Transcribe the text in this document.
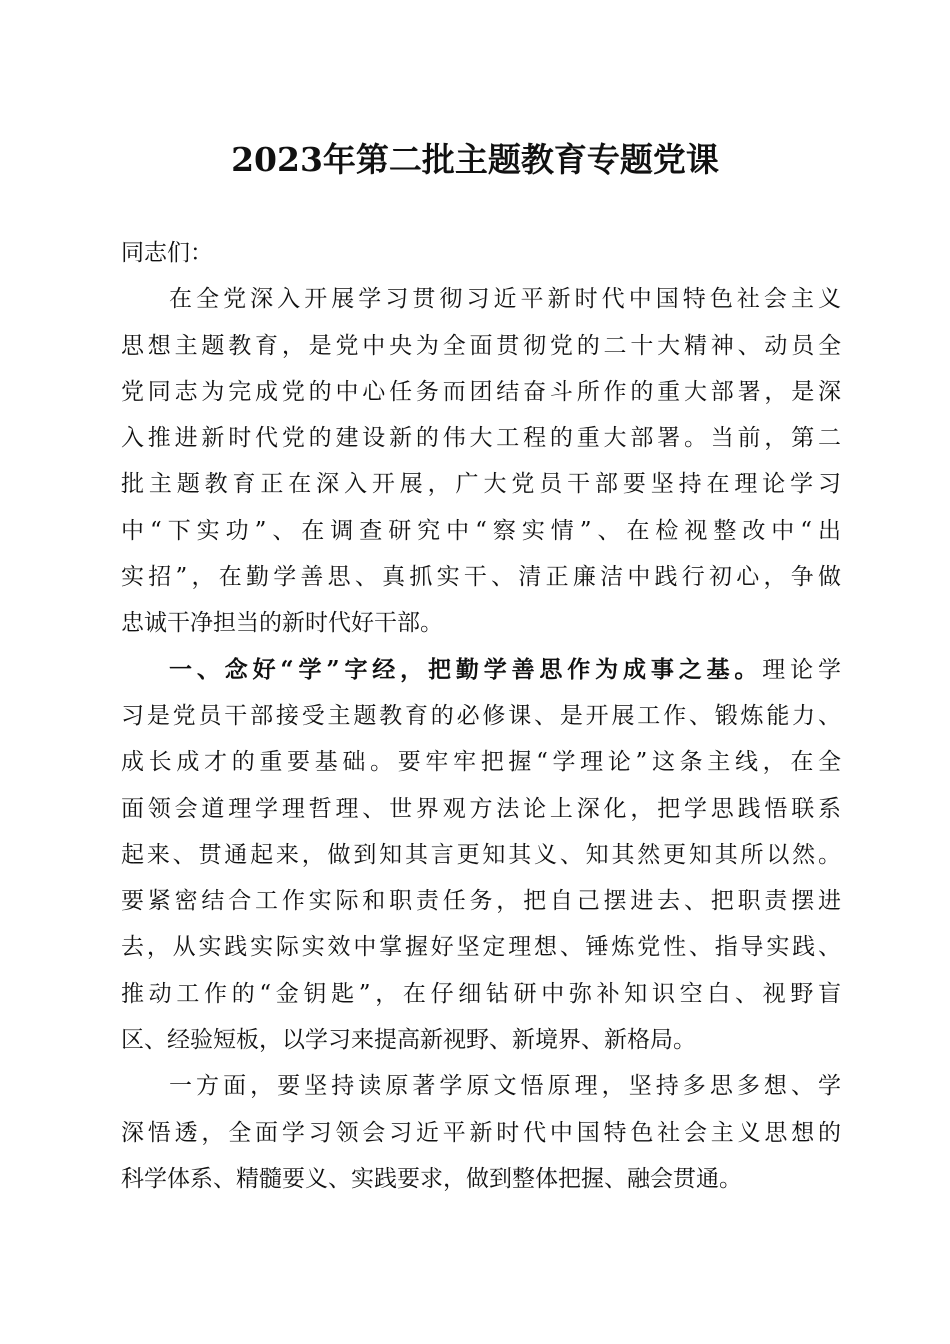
2023年第二批主题教育专题党课
同志们：
在全党深入开展学习贯彻习近平新时代中国特色社会主义
思想主题教育，是党中央为全面贯彻党的二十大精神、动员全
党同志为完成党的中心任务而团结奋斗所作的重大部署，是深
入推进新时代党的建设新的伟大工程的重大部署。当前，第二
批主题教育正在深入开展，广大党员干部要坚持在理论学习
中“下实功”、在调查研究中“察实情”、在检视整改中“出
实招”，在勤学善思、真抓实干、清正廉洁中践行初心，争做
忠诚干净担当的新时代好干部。
一、念好“学”字经，把勤学善思作为成事之基。理论学
习是党员干部接受主题教育的必修课、是开展工作、锻炼能力、
成长成才的重要基础。要牢牢把握“学理论”这条主线，在全
面领会道理学理哲理、世界观方法论上深化，把学思践悟联系
起来、贯通起来，做到知其言更知其义、知其然更知其所以然。
要紧密结合工作实际和职责任务，把自己摆进去、把职责摆进
去，从实践实际实效中掌握好坚定理想、锤炼党性、指导实践、
推动工作的“金钥匙”，在仔细钻研中弥补知识空白、视野盲
区、经验短板，以学习来提高新视野、新境界、新格局。
一方面，要坚持读原著学原文悟原理，坚持多思多想、学
深悟透，全面学习领会习近平新时代中国特色社会主义思想的
科学体系、精髓要义、实践要求，做到整体把握、融会贯通。
